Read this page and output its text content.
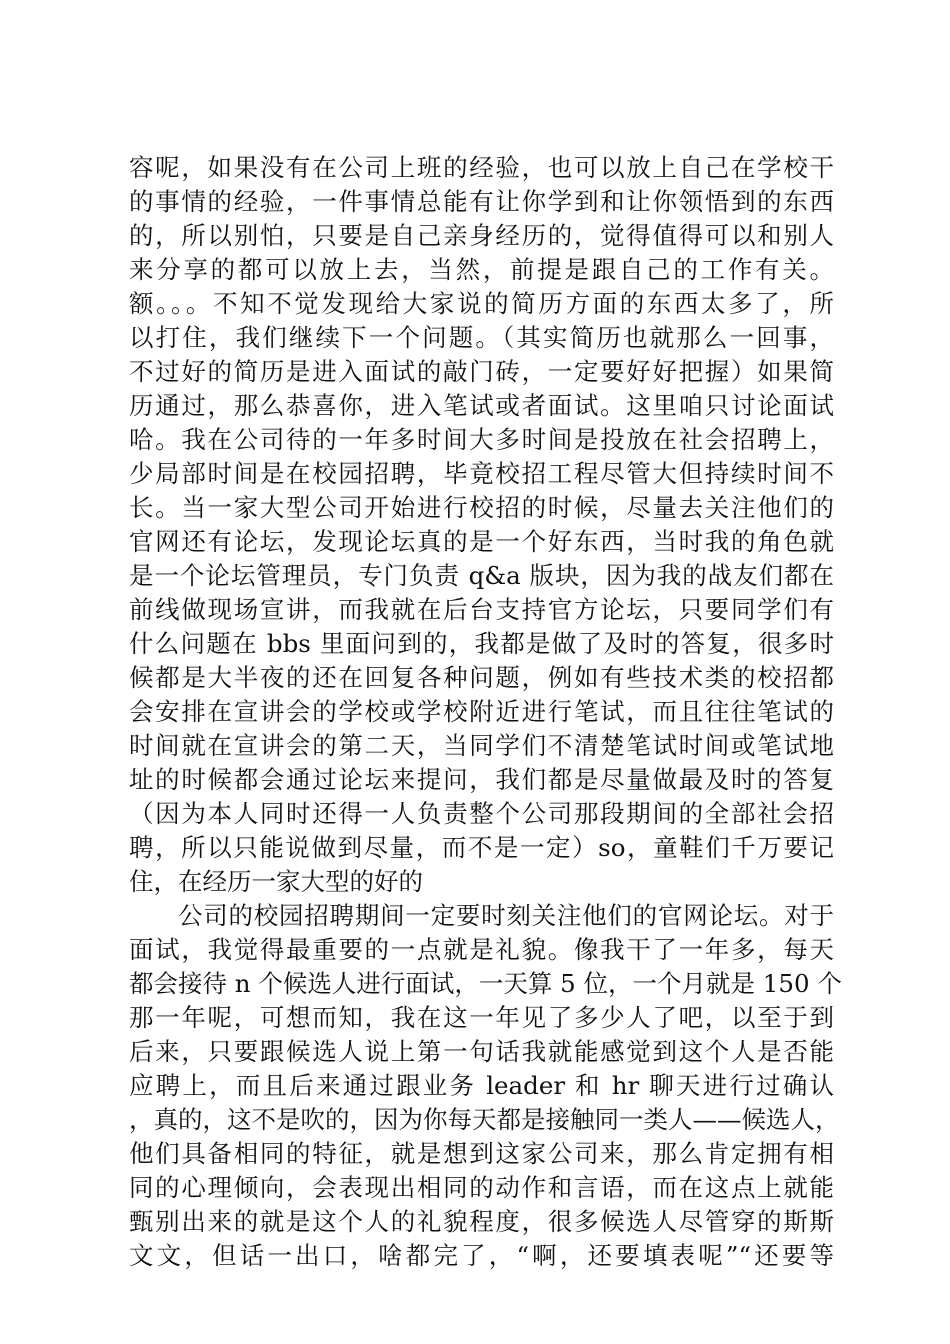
容呢，如果没有在公司上班的经验，也可以放上自己在学校干
的事情的经验，一件事情总能有让你学到和让你领悟到的东西
的，所以别怕，只要是自己亲身经历的，觉得值得可以和别人
来分享的都可以放上去，当然，前提是跟自己的工作有关。
额。。。不知不觉发现给大家说的简历方面的东西太多了，所
以打住，我们继续下一个问题。（其实简历也就那么一回事，
不过好的简历是进入面试的敲门砖，一定要好好把握）如果简
历通过，那么恭喜你，进入笔试或者面试。这里咱只讨论面试
哈。我在公司待的一年多时间大多时间是投放在社会招聘上，
少局部时间是在校园招聘，毕竟校招工程尽管大但持续时间不
长。当一家大型公司开始进行校招的时候，尽量去关注他们的
官网还有论坛，发现论坛真的是一个好东西，当时我的角色就
是一个论坛管理员，专门负责 q&a 版块，因为我的战友们都在
前线做现场宣讲，而我就在后台支持官方论坛，只要同学们有
什么问题在 bbs 里面问到的，我都是做了及时的答复，很多时
候都是大半夜的还在回复各种问题，例如有些技术类的校招都
会安排在宣讲会的学校或学校附近进行笔试，而且往往笔试的
时间就在宣讲会的第二天，当同学们不清楚笔试时间或笔试地
址的时候都会通过论坛来提问，我们都是尽量做最及时的答复
（因为本人同时还得一人负责整个公司那段期间的全部社会招
聘，所以只能说做到尽量，而不是一定）so，童鞋们千万要记
住，在经历一家大型的好的
公司的校园招聘期间一定要时刻关注他们的官网论坛。对于
面试，我觉得最重要的一点就是礼貌。像我干了一年多，每天
都会接待 n 个候选人进行面试，一天算 5 位，一个月就是 150 个
那一年呢，可想而知，我在这一年见了多少人了吧，以至于到
后来，只要跟候选人说上第一句话我就能感觉到这个人是否能
应聘上，而且后来通过跟业务 leader 和 hr 聊天进行过确认
，真的，这不是吹的，因为你每天都是接触同一类人——候选人，
他们具备相同的特征，就是想到这家公司来，那么肯定拥有相
同的心理倾向，会表现出相同的动作和言语，而在这点上就能
甄别出来的就是这个人的礼貌程度，很多候选人尽管穿的斯斯
文文，但话一出口，啥都完了，“啊，还要填表呢”“还要等
